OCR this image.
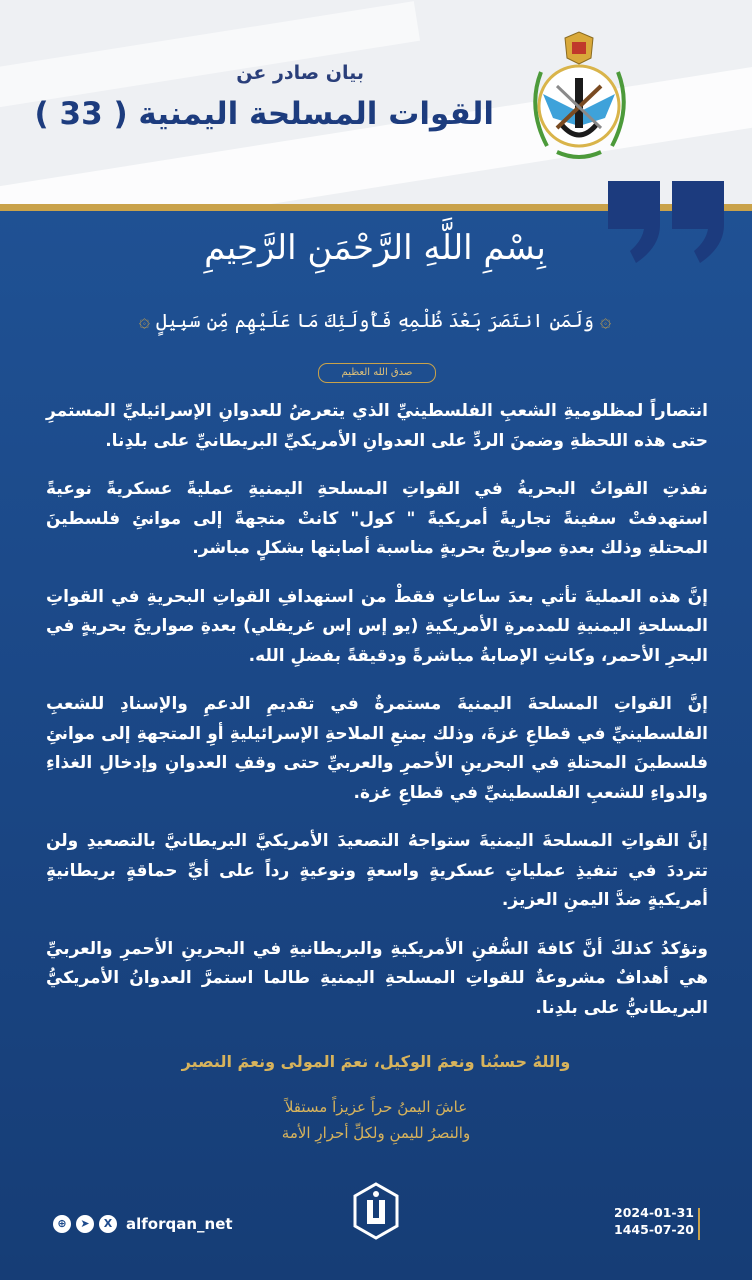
بيان صادر عن
القوات المسلحة اليمنية ( 33 )
بِسْمِ اللَّهِ الرَّحْمَنِ الرَّحِيمِ
۞ وَلَمَنِ انتَصَرَ بَعْدَ ظُلْمِهِ فَأُولَئِكَ مَا عَلَيْهِم مِّن سَبِيلٍ ۞
صدق الله العظيم

انتصاراً لمظلوميةِ الشعبِ الفلسطينيِّ الذي يتعرضُ للعدوانِ الإسرائيليِّ المستمرِ حتى هذه اللحظةِ وضمنَ الردِّ على العدوانِ الأمريكيِّ البريطانيِّ على بلدِنا.

نفذتِ القواتُ البحريةُ في القواتِ المسلحةِ اليمنيةِ عمليةً عسكريةً نوعيةً استهدفتْ سفينةً تجاريةً أمريكيةً " كول" كانتْ متجهةً إلى موانئِ فلسطينَ المحتلةِ وذلك بعدةِ صواريخَ بحريةٍ مناسبة أصابتها بشكلٍ مباشر.

إنَّ هذه العمليةَ تأتي بعدَ ساعاتٍ فقطْ من استهدافِ القواتِ البحريةِ في القواتِ المسلحةِ اليمنيةِ للمدمرةِ الأمريكيةِ (يو إس إس غريفلي) بعدةِ صواريخَ بحريةٍ في البحرِ الأحمر، وكانتِ الإصابةُ مباشرةً ودقيقةً بفضلِ الله.

إنَّ القواتِ المسلحةَ اليمنيةَ مستمرةٌ في تقديمِ الدعمِ والإسنادِ للشعبِ الفلسطينيِّ في قطاعِ غزةَ، وذلك بمنعِ الملاحةِ الإسرائيليةِ أوِ المتجهةِ إلى موانئِ فلسطينَ المحتلةِ في البحرينِ الأحمرِ والعربيِّ حتى وقفِ العدوانِ وإدخالِ الغذاءِ والدواءِ للشعبِ الفلسطينيِّ في قطاعِ غزة.

إنَّ القواتِ المسلحةَ اليمنيةَ ستواجهُ التصعيدَ الأمريكيَّ البريطانيَّ بالتصعيدِ ولن تترددَ في تنفيذِ عملياتٍ عسكريةٍ واسعةٍ ونوعيةٍ رداً على أيِّ حماقةٍ بريطانيةٍ أمريكيةٍ ضدَّ اليمنِ العزيز.

وتؤكدُ كذلكَ أنَّ كافةَ السُّفنِ الأمريكيةِ والبريطانيةِ في البحرينِ الأحمرِ والعربيِّ هي أهدافٌ مشروعةٌ للقواتِ المسلحةِ اليمنيةِ طالما استمرَّ العدوانُ الأمريكيُّ البريطانيُّ على بلدِنا.

واللهُ حسبُنا ونعمَ الوكيل، نعمَ المولى ونعمَ النصير
عاشَ اليمنُ حراً عزيزاً مستقلاً
والنصرُ لليمنِ ولكلِّ أحرارِ الأمة
⊕	➤	X alforqan_net
2024-01-31
1445-07-20
